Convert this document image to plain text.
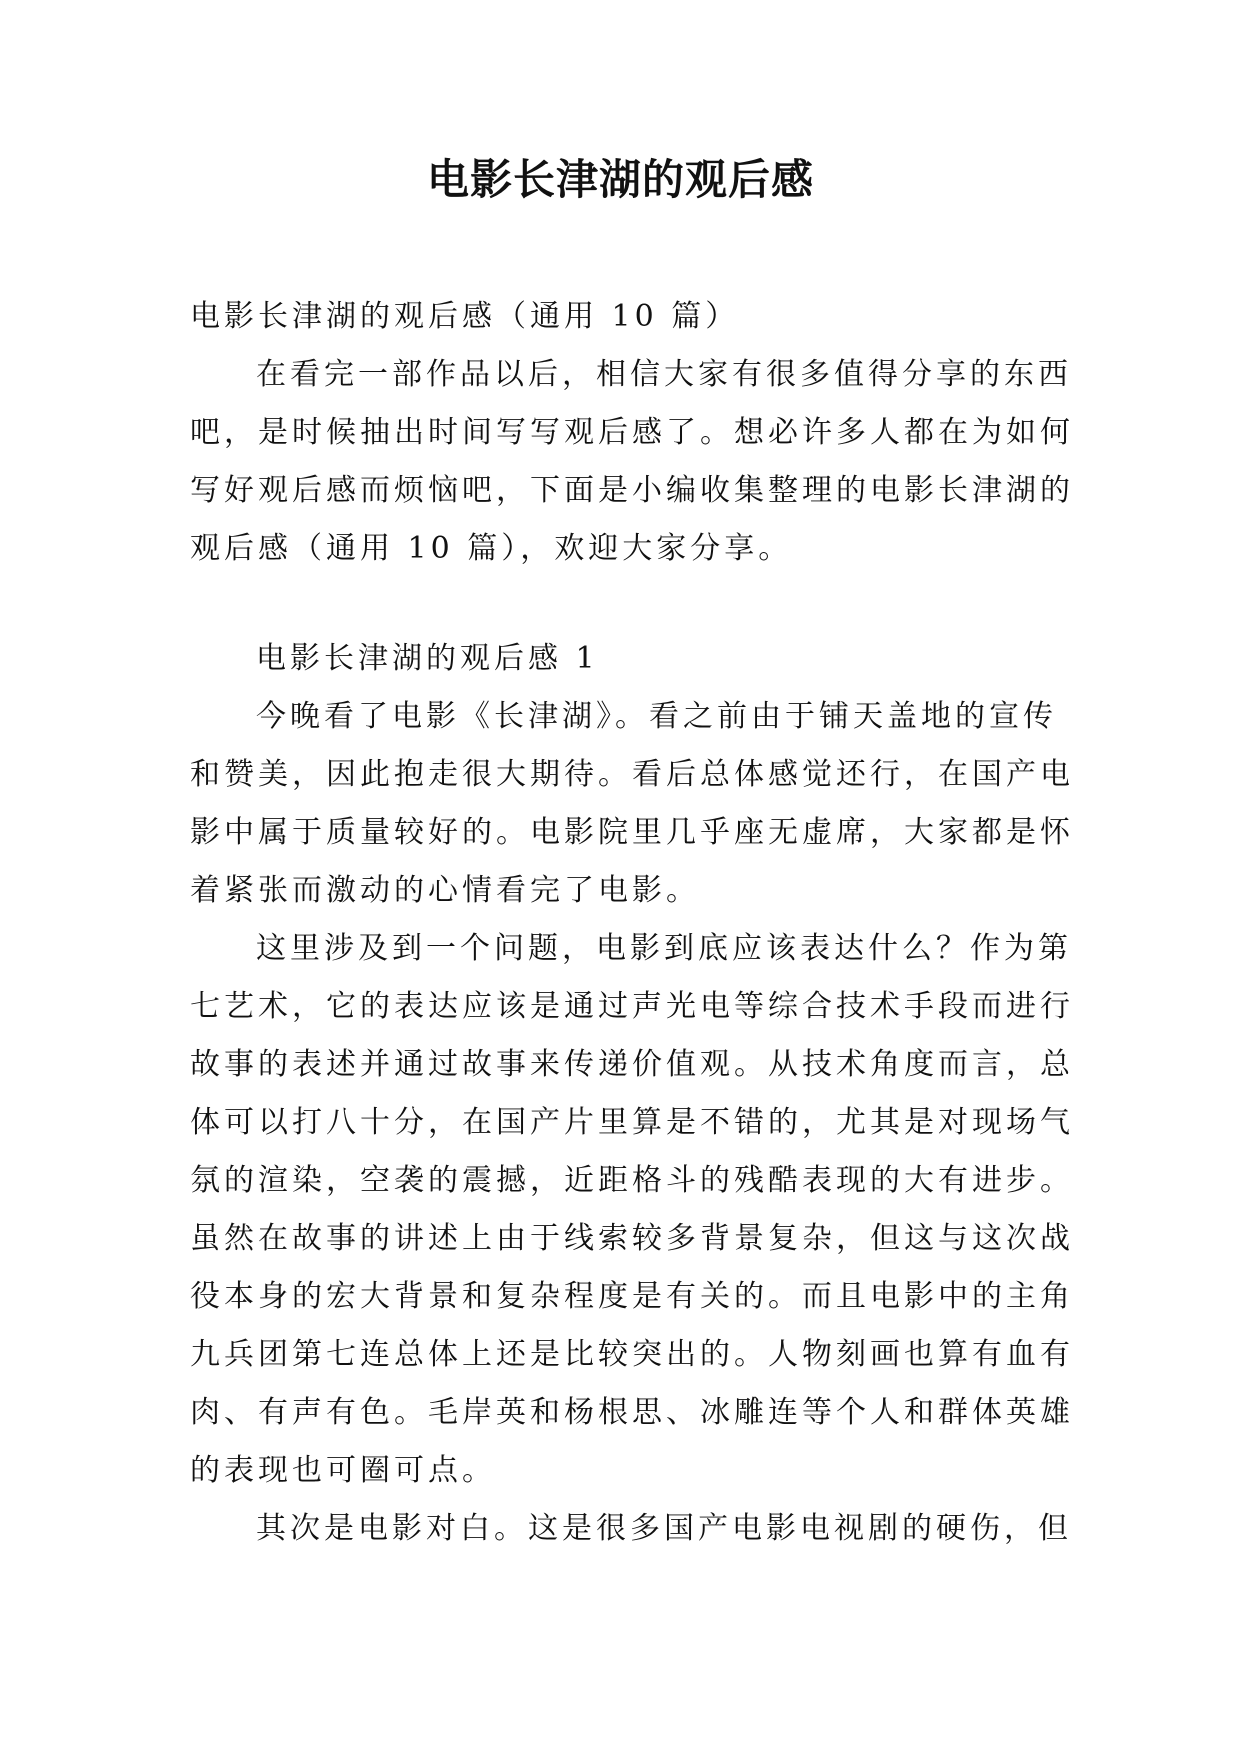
电影长津湖的观后感

电影长津湖的观后感（通用 10 篇）

在看完一部作品以后，相信大家有很多值得分享的东西
吧，是时候抽出时间写写观后感了。想必许多人都在为如何
写好观后感而烦恼吧，下面是小编收集整理的电影长津湖的
观后感（通用 10 篇），欢迎大家分享。

电影长津湖的观后感 1

今晚看了电影《长津湖》。看之前由于铺天盖地的宣传
和赞美，因此抱走很大期待。看后总体感觉还行，在国产电
影中属于质量较好的。电影院里几乎座无虚席，大家都是怀
着紧张而激动的心情看完了电影。
这里涉及到一个问题，电影到底应该表达什么？作为第
七艺术，它的表达应该是通过声光电等综合技术手段而进行
故事的表述并通过故事来传递价值观。从技术角度而言，总
体可以打八十分，在国产片里算是不错的，尤其是对现场气
氛的渲染，空袭的震撼，近距格斗的残酷表现的大有进步。
虽然在故事的讲述上由于线索较多背景复杂，但这与这次战
役本身的宏大背景和复杂程度是有关的。而且电影中的主角
九兵团第七连总体上还是比较突出的。人物刻画也算有血有
肉、有声有色。毛岸英和杨根思、冰雕连等个人和群体英雄
的表现也可圈可点。
其次是电影对白。这是很多国产电影电视剧的硬伤，但
